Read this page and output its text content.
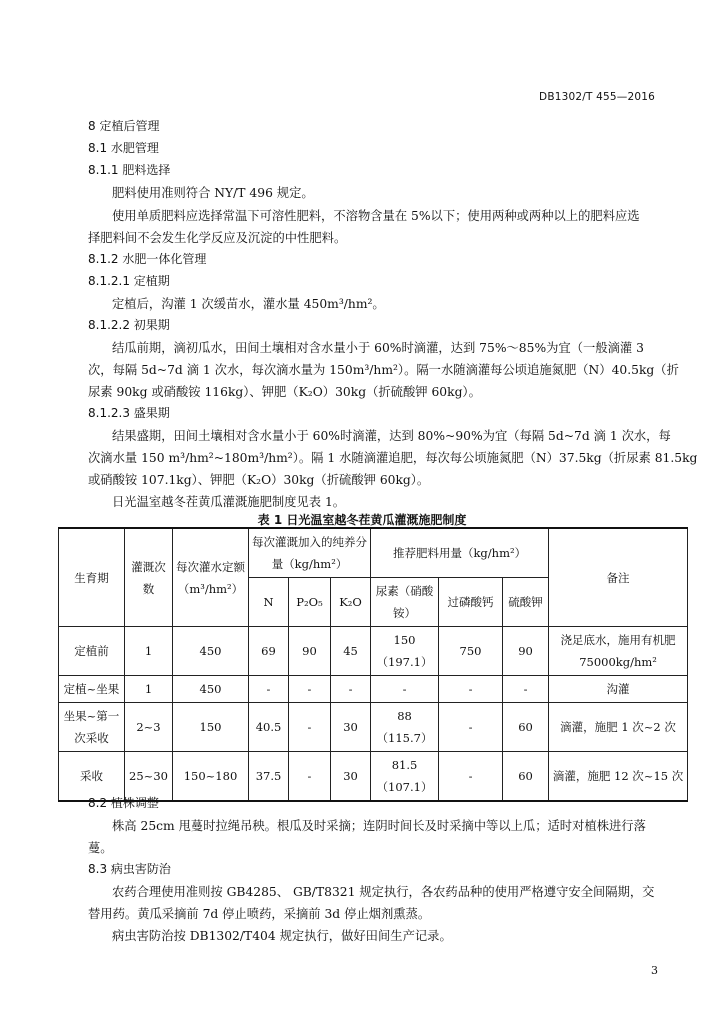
DB1302/T 455—2016
8 定植后管理
8.1 水肥管理
8.1.1 肥料选择
肥料使用准则符合 NY/T 496 规定。
使用单质肥料应选择常温下可溶性肥料，不溶物含量在 5%以下；使用两种或两种以上的肥料应选
择肥料间不会发生化学反应及沉淀的中性肥料。
8.1.2 水肥一体化管理
8.1.2.1 定植期
定植后，沟灌 1 次缓苗水，灌水量 450m³/hm²。
8.1.2.2 初果期
结瓜前期，滴初瓜水，田间土壤相对含水量小于 60%时滴灌，达到 75%～85%为宜（一般滴灌 3
次，每隔 5d~7d 滴 1 次水，每次滴水量为 150m³/hm²）。隔一水随滴灌每公顷追施氮肥（N）40.5kg（折
尿素 90kg 或硝酸铵 116kg）、钾肥（K₂O）30kg（折硫酸钾 60kg）。
8.1.2.3 盛果期
结果盛期，田间土壤相对含水量小于 60%时滴灌，达到 80%~90%为宜（每隔 5d~7d 滴 1 次水，每
次滴水量 150 m³/hm²~180m³/hm²）。隔 1 水随滴灌追肥，每次每公顷施氮肥（N）37.5kg（折尿素 81.5kg
或硝酸铵 107.1kg）、钾肥（K₂O）30kg（折硫酸钾 60kg）。
日光温室越冬茬黄瓜灌溉施肥制度见表 1。
表 1 日光温室越冬茬黄瓜灌溉施肥制度
生育期	灌溉次数	每次灌水定额（m³/hm²）	每次灌溉加入的纯养分量（kg/hm²）			推荐肥料用量（kg/hm²）			备注
			N	P₂O₅	K₂O	尿素（硝酸铵）	过磷酸钙	硫酸钾	
定植前	1	450	69	90	45	150（197.1）	750	90	浇足底水，施用有机肥 75000kg/hm²
定植~坐果	1	450	-	-	-	-	-	-	沟灌
坐果~第一次采收	2~3	150	40.5	-	30	88（115.7）	-	60	滴灌，施肥 1 次~2 次
采收	25~30	150~180	37.5	-	30	81.5（107.1）	-	60	滴灌，施肥 12 次~15 次
8.2 植株调整
株高 25cm 甩蔓时拉绳吊秧。根瓜及时采摘；连阴时间长及时采摘中等以上瓜；适时对植株进行落
蔓。
8.3 病虫害防治
农药合理使用准则按 GB4285、 GB/T8321 规定执行，各农药品种的使用严格遵守安全间隔期，交
替用药。黄瓜采摘前 7d 停止喷药，采摘前 3d 停止烟剂熏蒸。
病虫害防治按 DB1302/T404 规定执行，做好田间生产记录。
3
